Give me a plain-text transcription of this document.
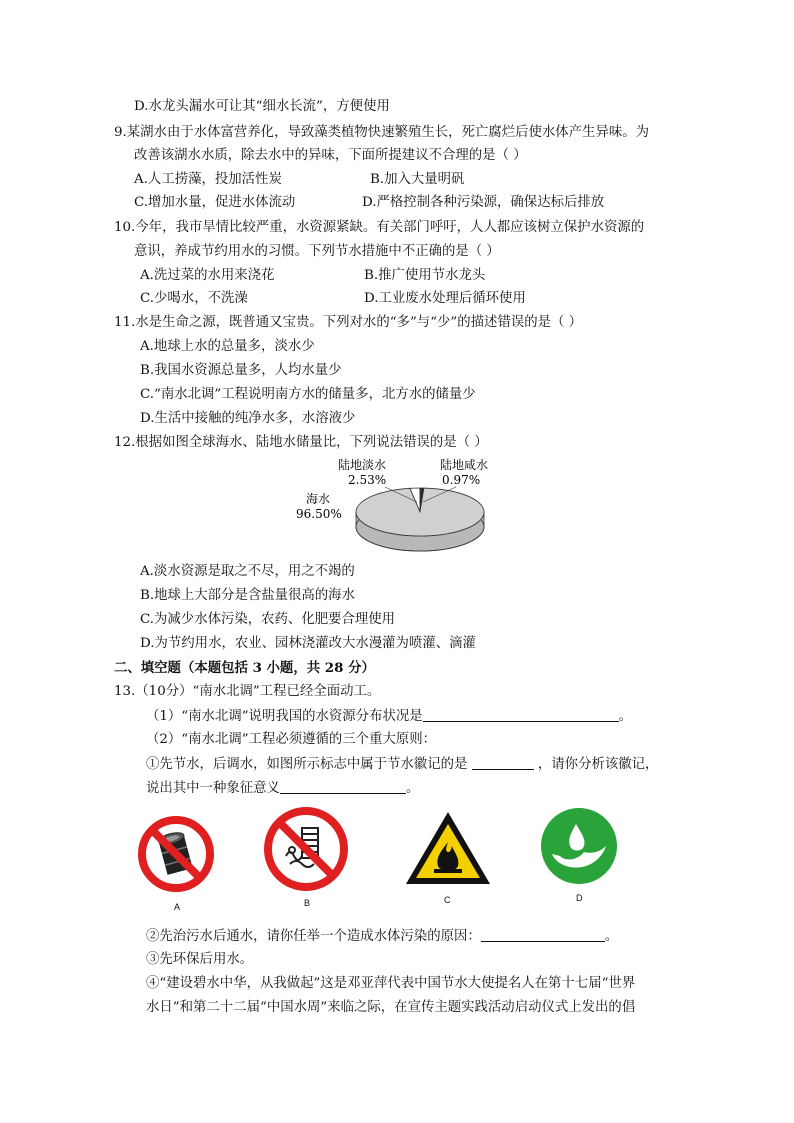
D.水龙头漏水可让其“细水长流”，方便使用
9.某湖水由于水体富营养化，导致藻类植物快速繁殖生长，死亡腐烂后使水体产生异味。为
改善该湖水水质，除去水中的异味，下面所提建议不合理的是（ ）
A.人工捞藻，投加活性炭	B.加入大量明矾
C.增加水量，促进水体流动	D.严格控制各种污染源，确保达标后排放
10.今年，我市旱情比较严重，水资源紧缺。有关部门呼吁，人人都应该树立保护水资源的
意识，养成节约用水的习惯。下列节水措施中不正确的是（ ）
A.洗过菜的水用来浇花	B.推广使用节水龙头
C.少喝水，不洗澡	D.工业废水处理后循环使用
11.水是生命之源，既普通又宝贵。下列对水的“多”与“少”的描述错误的是（ ）
A.地球上水的总量多，淡水少
B.我国水资源总量多，人均水量少
C.“南水北调”工程说明南方水的储量多，北方水的储量少
D.生活中接触的纯净水多，水溶液少
12.根据如图全球海水、陆地水储量比，下列说法错误的是（ ）
陆地淡水
2.53%
陆地咸水
0.97%
海水
96.50%
A.淡水资源是取之不尽，用之不竭的
B.地球上大部分是含盐量很高的海水
C.为减少水体污染，农药、化肥要合理使用
D.为节约用水，农业、园林浇灌改大水漫灌为喷灌、滴灌
二、填空题（本题包括 3 小题，共 28 分）
13.（10分）“南水北调”工程已经全面动工。
（1）“南水北调”说明我国的水资源分布状况是	。
（2）“南水北调”工程必须遵循的三个重大原则：
①先节水，后调水，如图所示标志中属于节水徽记的是	，请你分析该徽记，
说出其中一种象征意义	。
A	B	C	D
②先治污水后通水，请你任举一个造成水体污染的原因：	。
③先环保后用水。
④“建设碧水中华，从我做起”这是邓亚萍代表中国节水大使提名人在第十七届“世界
水日”和第二十二届“中国水周”来临之际，在宣传主题实践活动启动仪式上发出的倡
